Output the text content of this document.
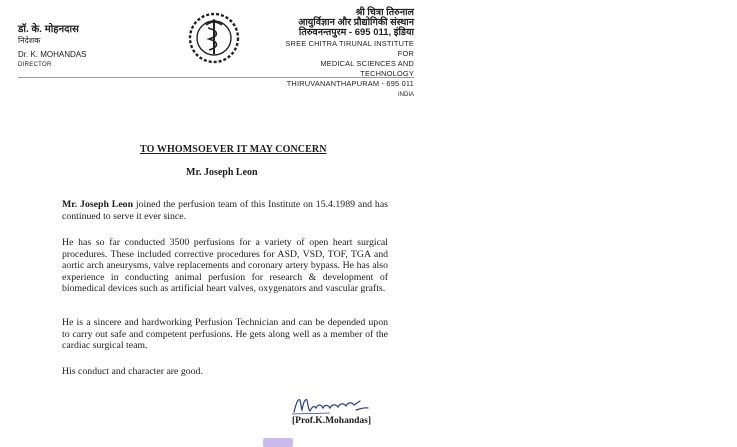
डॉ. के. मोहनदास
निदेशक
Dr. K. MOHANDAS
DIRECTOR
श्री चित्रा तिरुनाल
आयुर्विज्ञान और प्रौद्योगिकी संस्थान
तिरुवनन्तपुरम - 695 011, इंडिया
SREE CHITRA TIRUNAL INSTITUTE FOR
MEDICAL SCIENCES AND TECHNOLOGY
THIRUVANANTHAPURAM - 695 011
INDIA
TO WHOMSOEVER IT MAY CONCERN
Mr. Joseph Leon
Mr. Joseph Leon joined the perfusion team of this Institute on 15.4.1989 and has continued to serve it ever since.
He has so far conducted 3500 perfusions for a variety of open heart surgical procedures. These included corrective procedures for ASD, VSD, TOF, TGA and aortic arch aneurysms, valve replacements and coronary artery bypass. He has also experience in conducting animal perfusion for research & development of biomedical devices such as artificial heart valves, oxygenators and vascular grafts.
He is a sincere and hardworking Perfusion Technician and can be depended upon to carry out safe and competent perfusions. He gets along well as a member of the cardiac surgical team.
His conduct and character are good.
[Prof.K.Mohandas]
